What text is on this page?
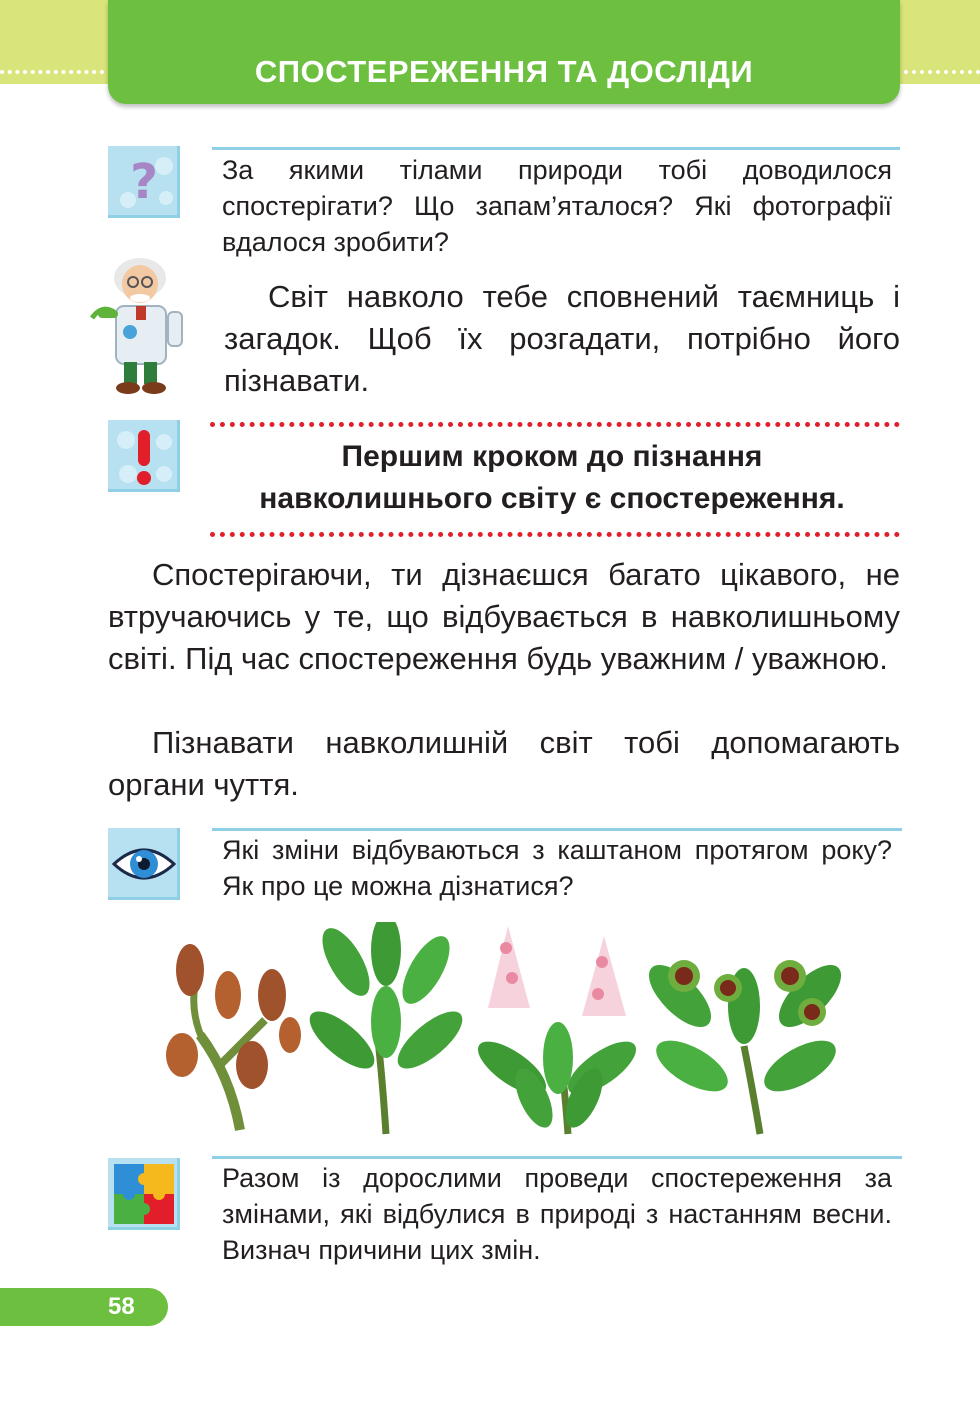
СПОСТЕРЕЖЕННЯ ТА ДОСЛІДИ
? За якими тілами природи тобі доводилося спостерігати? Що запам’яталося? Які фотографії вдалося зробити?
Світ навколо тебе сповнений таємниць і загадок. Щоб їх розгадати, потрібно його пізнавати.
Першим кроком до пізнання
навколишнього світу є спостереження.
Спостерігаючи, ти дізнаєшся багато цікавого, не втручаючись у те, що відбувається в навколишньому світі. Під час спостереження будь уважним / уважною.
Пізнавати навколишній світ тобі допомагають органи чуття.
Які зміни відбуваються з каштаном протягом року? Як про це можна дізнатися?
Разом із дорослими проведи спостереження за змінами, які відбулися в природі з настанням весни. Визнач причини цих змін.
58
